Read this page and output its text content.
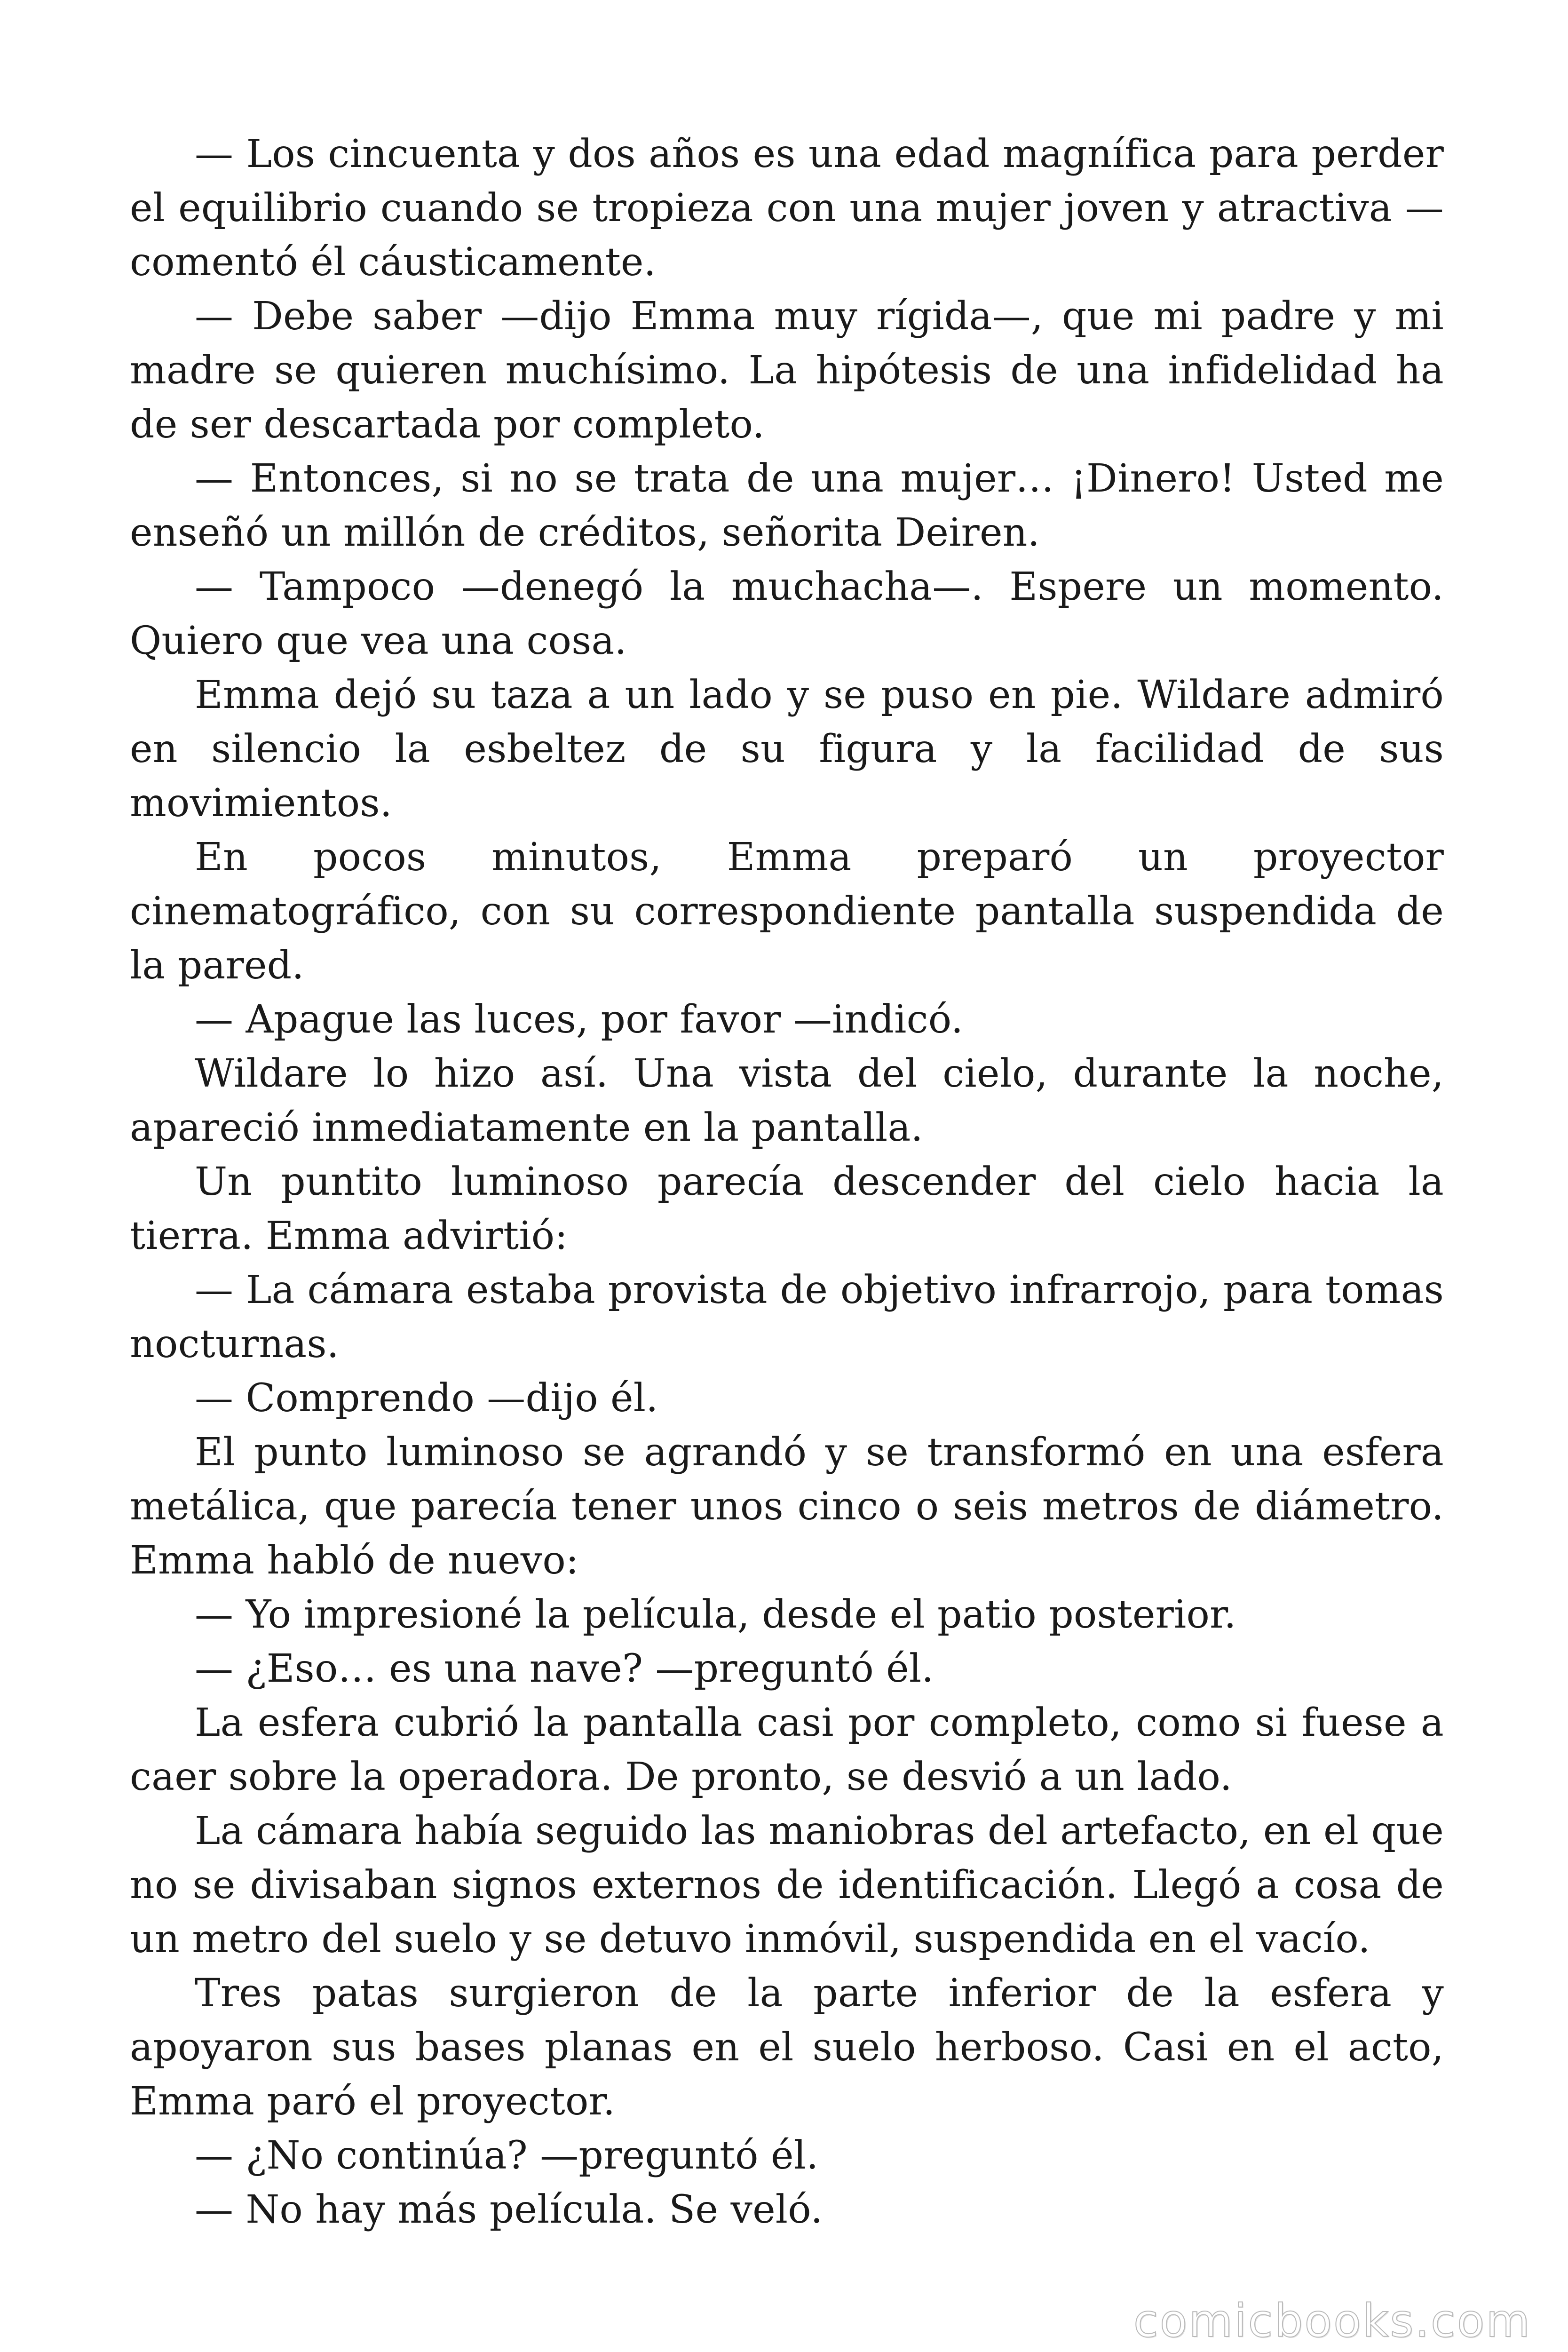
— Los cincuenta y dos años es una edad magnífica para perder el equilibrio cuando se tropieza con una mujer joven y atractiva — comentó él cáusticamente.

— Debe saber —dijo Emma muy rígida—, que mi padre y mi madre se quieren muchísimo. La hipótesis de una infidelidad ha de ser descartada por completo.

— Entonces, si no se trata de una mujer… ¡Dinero! Usted me enseñó un millón de créditos, señorita Deiren.

— Tampoco —denegó la muchacha—. Espere un momento. Quiero que vea una cosa.

Emma dejó su taza a un lado y se puso en pie. Wildare admiró en silencio la esbeltez de su figura y la facilidad de sus movimientos.

En pocos minutos, Emma preparó un proyector cinematográfico, con su correspondiente pantalla suspendida de la pared.

— Apague las luces, por favor —indicó.

Wildare lo hizo así. Una vista del cielo, durante la noche, apareció inmediatamente en la pantalla.

Un puntito luminoso parecía descender del cielo hacia la tierra. Emma advirtió:

— La cámara estaba provista de objetivo infrarrojo, para tomas nocturnas.

— Comprendo —dijo él.

El punto luminoso se agrandó y se transformó en una esfera metálica, que parecía tener unos cinco o seis metros de diámetro. Emma habló de nuevo:

— Yo impresioné la película, desde el patio posterior.

— ¿Eso… es una nave? —preguntó él.

La esfera cubrió la pantalla casi por completo, como si fuese a caer sobre la operadora. De pronto, se desvió a un lado.

La cámara había seguido las maniobras del artefacto, en el que no se divisaban signos externos de identificación. Llegó a cosa de un metro del suelo y se detuvo inmóvil, suspendida en el vacío.

Tres patas surgieron de la parte inferior de la esfera y apoyaron sus bases planas en el suelo herboso. Casi en el acto, Emma paró el proyector.

— ¿No continúa? —preguntó él.

— No hay más película. Se veló.

comicbooks.com
